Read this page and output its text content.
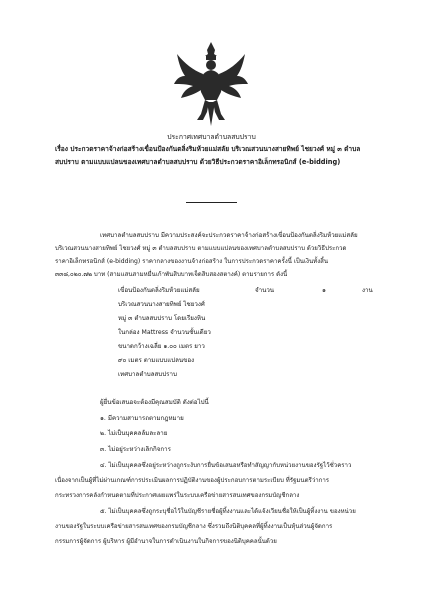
ประกาศเทศบาลตำบลสบปราบ
เรื่อง ประกวดราคาจ้างก่อสร้างเขื่อนป้องกันตลิ่งริมห้วยแม่สลัย บริเวณสวนนางสายทิพย์ ไชยวงศ์ หมู่ ๓ ตำบล
สบปราบ ตามแบบแปลนของเทศบาลตำบลสบปราบ ด้วยวิธีประกวดราคาอิเล็กทรอนิกส์ (e-bidding)
เทศบาลตำบลสบปราบ มีความประสงค์จะประกวดราคาจ้างก่อสร้างเขื่อนป้องกันตลิ่งริมห้วยแม่สลัย
บริเวณสวนนางสายทิพย์ ไชยวงศ์ หมู่ ๓ ตำบลสบปราบ ตามแบบแปลนของเทศบาลตำบลสบปราบ ด้วยวิธีประกวด
ราคาอิเล็กทรอนิกส์ (e-bidding) ราคากลางของงานจ้างก่อสร้าง ในการประกวดราคาครั้งนี้ เป็นเงินทั้งสิ้น
๓๓๘,๐๒๐.๗๒ บาท (สามแสนสามหมื่นเก้าพันสิบบาทเจ็ดสิบสองสตางค์) ตามรายการ ดังนี้
เขื่อนป้องกันตลิ่งริมห้วยแม่สลัย
บริเวณสวนนางสายทิพย์ ไชยวงศ์
หมู่ ๓ ตำบลสบปราบ โดยเรียงหิน
ในกล่อง Mattress จำนวนชั้นเดียว
ขนาดกว้างเฉลี่ย ๑.๐๐ เมตร ยาว
๙๐ เมตร ตามแบบแปลนของ
เทศบาลตำบลสบปราบ
จำนวน	๑	งาน
ผู้ยื่นข้อเสนอจะต้องมีคุณสมบัติ ดังต่อไปนี้
๑. มีความสามารถตามกฎหมาย
๒. ไม่เป็นบุคคลล้มละลาย
๓. ไม่อยู่ระหว่างเลิกกิจการ
๔. ไม่เป็นบุคคลซึ่งอยู่ระหว่างถูกระงับการยื่นข้อเสนอหรือทำสัญญากับหน่วยงานของรัฐไว้ชั่วคราว
เนื่องจากเป็นผู้ที่ไม่ผ่านเกณฑ์การประเมินผลการปฏิบัติงานของผู้ประกอบการตามระเบียบ ที่รัฐมนตรีว่าการ
กระทรวงการคลังกำหนดตามที่ประกาศเผยแพร่ในระบบเครือข่ายสารสนเทศของกรมบัญชีกลาง
๕. ไม่เป็นบุคคลซึ่งถูกระบุชื่อไว้ในบัญชีรายชื่อผู้ทิ้งงานและได้แจ้งเวียนชื่อให้เป็นผู้ทิ้งงาน ของหน่วย
งานของรัฐในระบบเครือข่ายสารสนเทศของกรมบัญชีกลาง ซึ่งรวมถึงนิติบุคคลที่ผู้ทิ้งงานเป็นหุ้นส่วนผู้จัดการ
กรรมการผู้จัดการ ผู้บริหาร ผู้มีอำนาจในการดำเนินงานในกิจการของนิติบุคคลนั้นด้วย
